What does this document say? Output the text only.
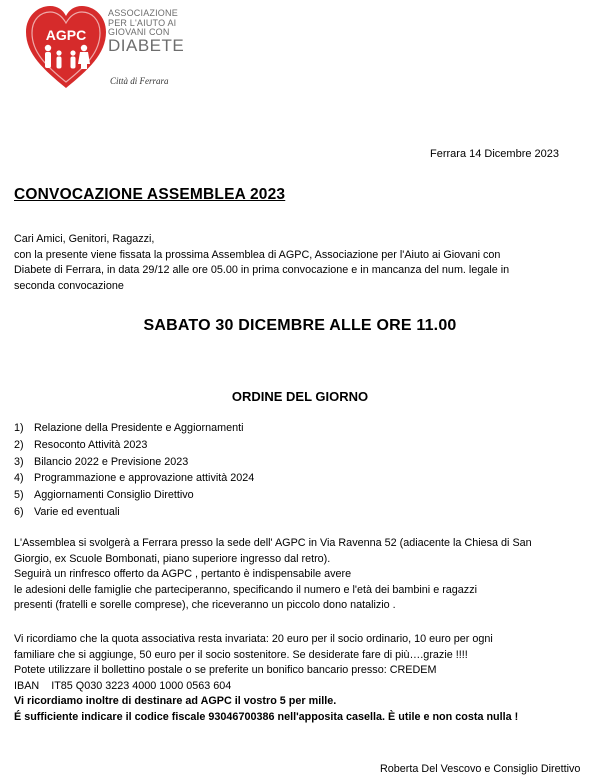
AGPC
ASSOCIAZIONE
PER L'AIUTO AI
GIOVANI CON
DIABETE
Città di Ferrara
Ferrara 14 Dicembre 2023
CONVOCAZIONE ASSEMBLEA 2023
Cari Amici, Genitori, Ragazzi,
con la presente viene fissata la prossima Assemblea di AGPC, Associazione per l'Aiuto ai Giovani con
Diabete di Ferrara, in data 29/12 alle ore 05.00 in prima convocazione e in mancanza del num. legale in
seconda convocazione
SABATO 30 DICEMBRE ALLE ORE 11.00
ORDINE DEL GIORNO
1) Relazione della Presidente e Aggiornamenti
2) Resoconto Attività 2023
3) Bilancio 2022 e Previsione 2023
4) Programmazione e approvazione attività 2024
5) Aggiornamenti Consiglio Direttivo
6) Varie ed eventuali
L'Assemblea si svolgerà a Ferrara presso la sede dell' AGPC in Via Ravenna 52 (adiacente la Chiesa di San
Giorgio, ex Scuole Bombonati, piano superiore ingresso dal retro).
Seguirà un rinfresco offerto da AGPC , pertanto è indispensabile avere
le adesioni delle famiglie che parteciperanno, specificando il numero e l'età dei bambini e ragazzi
presenti (fratelli e sorelle comprese), che riceveranno un piccolo dono natalizio .
Vi ricordiamo che la quota associativa resta invariata: 20 euro per il socio ordinario, 10 euro per ogni
familiare che si aggiunge, 50 euro per il socio sostenitore. Se desiderate fare di più….grazie !!!!
Potete utilizzare il bollettino postale o se preferite un bonifico bancario presso: CREDEM
IBAN    IT85 Q030 3223 4000 1000 0563 604
Vi ricordiamo inoltre di destinare ad AGPC il vostro 5 per mille.
É sufficiente indicare il codice fiscale 93046700386 nell'apposita casella. È utile e non costa nulla !
Roberta Del Vescovo e Consiglio Direttivo
